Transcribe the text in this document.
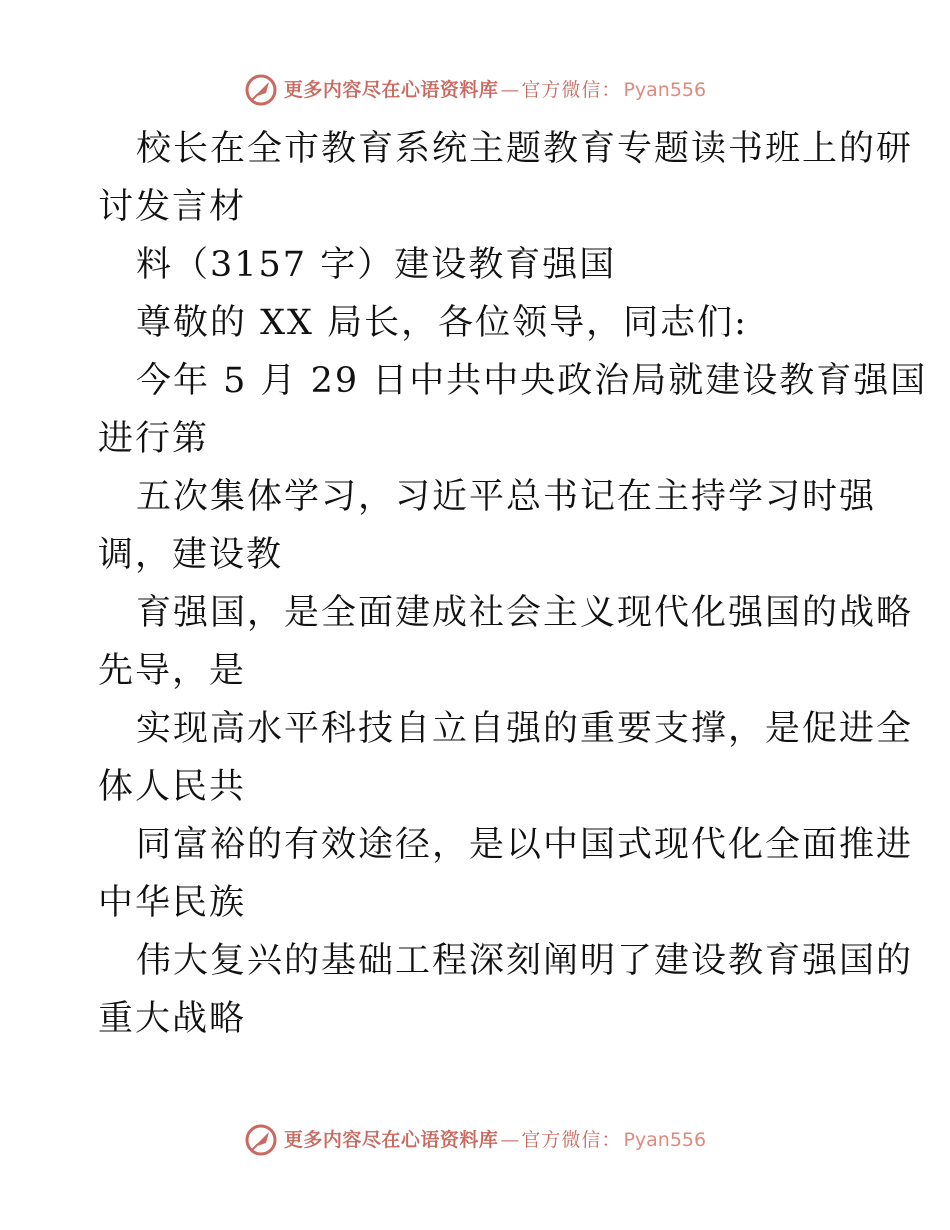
更多内容尽在心语资料库 — 官方微信： Pyan556
校长在全市教育系统主题教育专题读书班上的研
讨发言材
料（3157 字）建设教育强国
尊敬的 XX 局长，各位领导，同志们:
今年 5 月 29 日中共中央政治局就建设教育强国
进行第
五次集体学习，习近平总书记在主持学习时强
调，建设教
育强国，是全面建成社会主义现代化强国的战略
先导，是
实现高水平科技自立自强的重要支撑，是促进全
体人民共
同富裕的有效途径，是以中国式现代化全面推进
中华民族
伟大复兴的基础工程深刻阐明了建设教育强国的
重大战略
更多内容尽在心语资料库 — 官方微信： Pyan556
